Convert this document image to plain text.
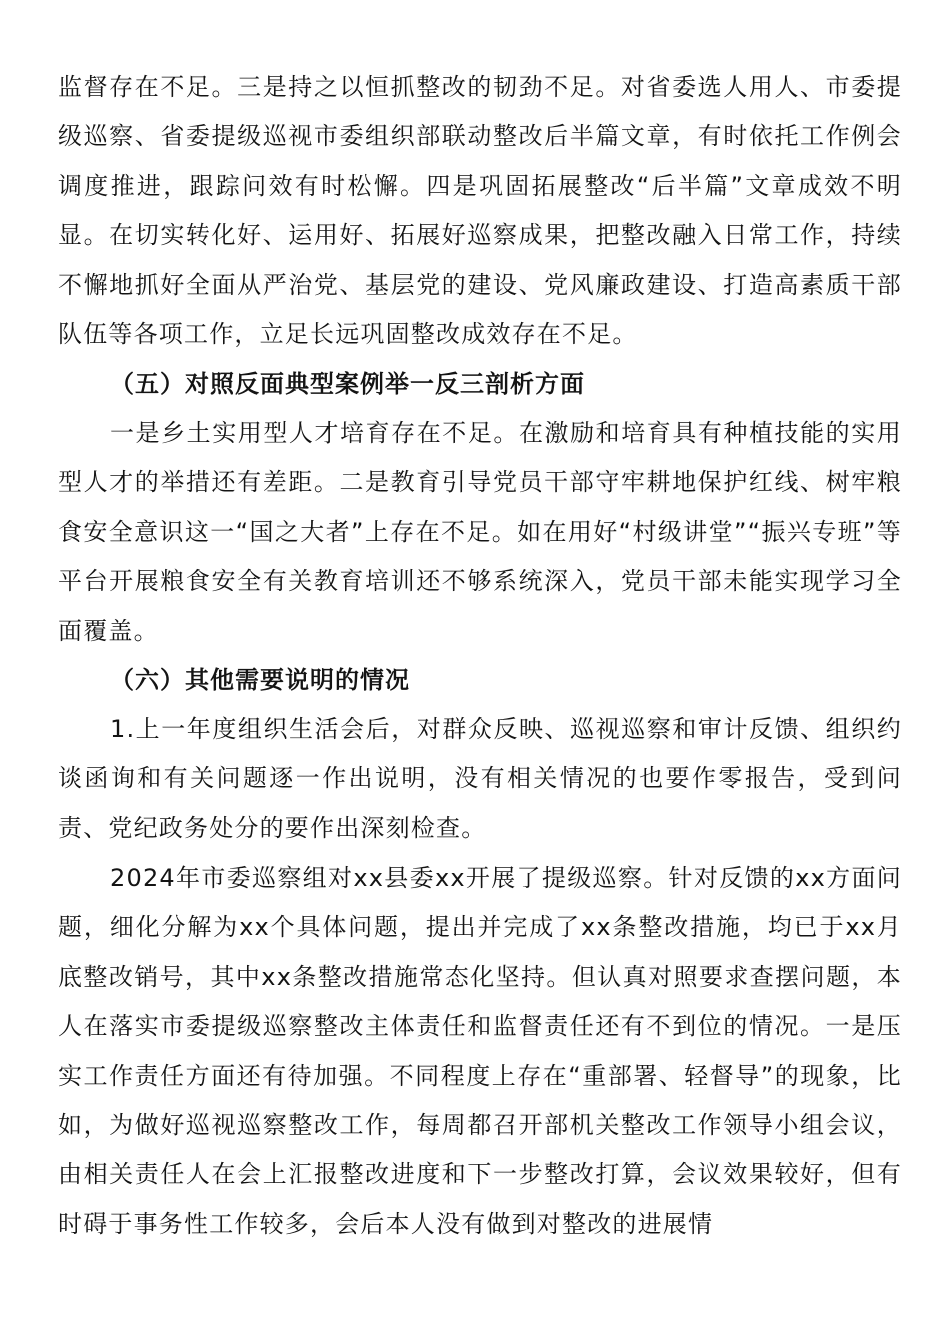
监督存在不足。三是持之以恒抓整改的韧劲不足。对省委选人用人、市委提级巡察、省委提级巡视市委组织部联动整改后半篇文章，有时依托工作例会调度推进，跟踪问效有时松懈。四是巩固拓展整改“后半篇”文章成效不明显。在切实转化好、运用好、拓展好巡察成果，把整改融入日常工作，持续不懈地抓好全面从严治党、基层党的建设、党风廉政建设、打造高素质干部队伍等各项工作，立足长远巩固整改成效存在不足。

（五）对照反面典型案例举一反三剖析方面

一是乡土实用型人才培育存在不足。在激励和培育具有种植技能的实用型人才的举措还有差距。二是教育引导党员干部守牢耕地保护红线、树牢粮食安全意识这一“国之大者”上存在不足。如在用好“村级讲堂”“振兴专班”等平台开展粮食安全有关教育培训还不够系统深入，党员干部未能实现学习全面覆盖。

（六）其他需要说明的情况

1.上一年度组织生活会后，对群众反映、巡视巡察和审计反馈、组织约谈函询和有关问题逐一作出说明，没有相关情况的也要作零报告，受到问责、党纪政务处分的要作出深刻检查。

2024年市委巡察组对xx县委xx开展了提级巡察。针对反馈的xx方面问题，细化分解为xx个具体问题，提出并完成了xx条整改措施，均已于xx月底整改销号，其中xx条整改措施常态化坚持。但认真对照要求查摆问题，本人在落实市委提级巡察整改主体责任和监督责任还有不到位的情况。一是压实工作责任方面还有待加强。不同程度上存在“重部署、轻督导”的现象，比如，为做好巡视巡察整改工作，每周都召开部机关整改工作领导小组会议，由相关责任人在会上汇报整改进度和下一步整改打算，会议效果较好，但有时碍于事务性工作较多，会后本人没有做到对整改的进展情
